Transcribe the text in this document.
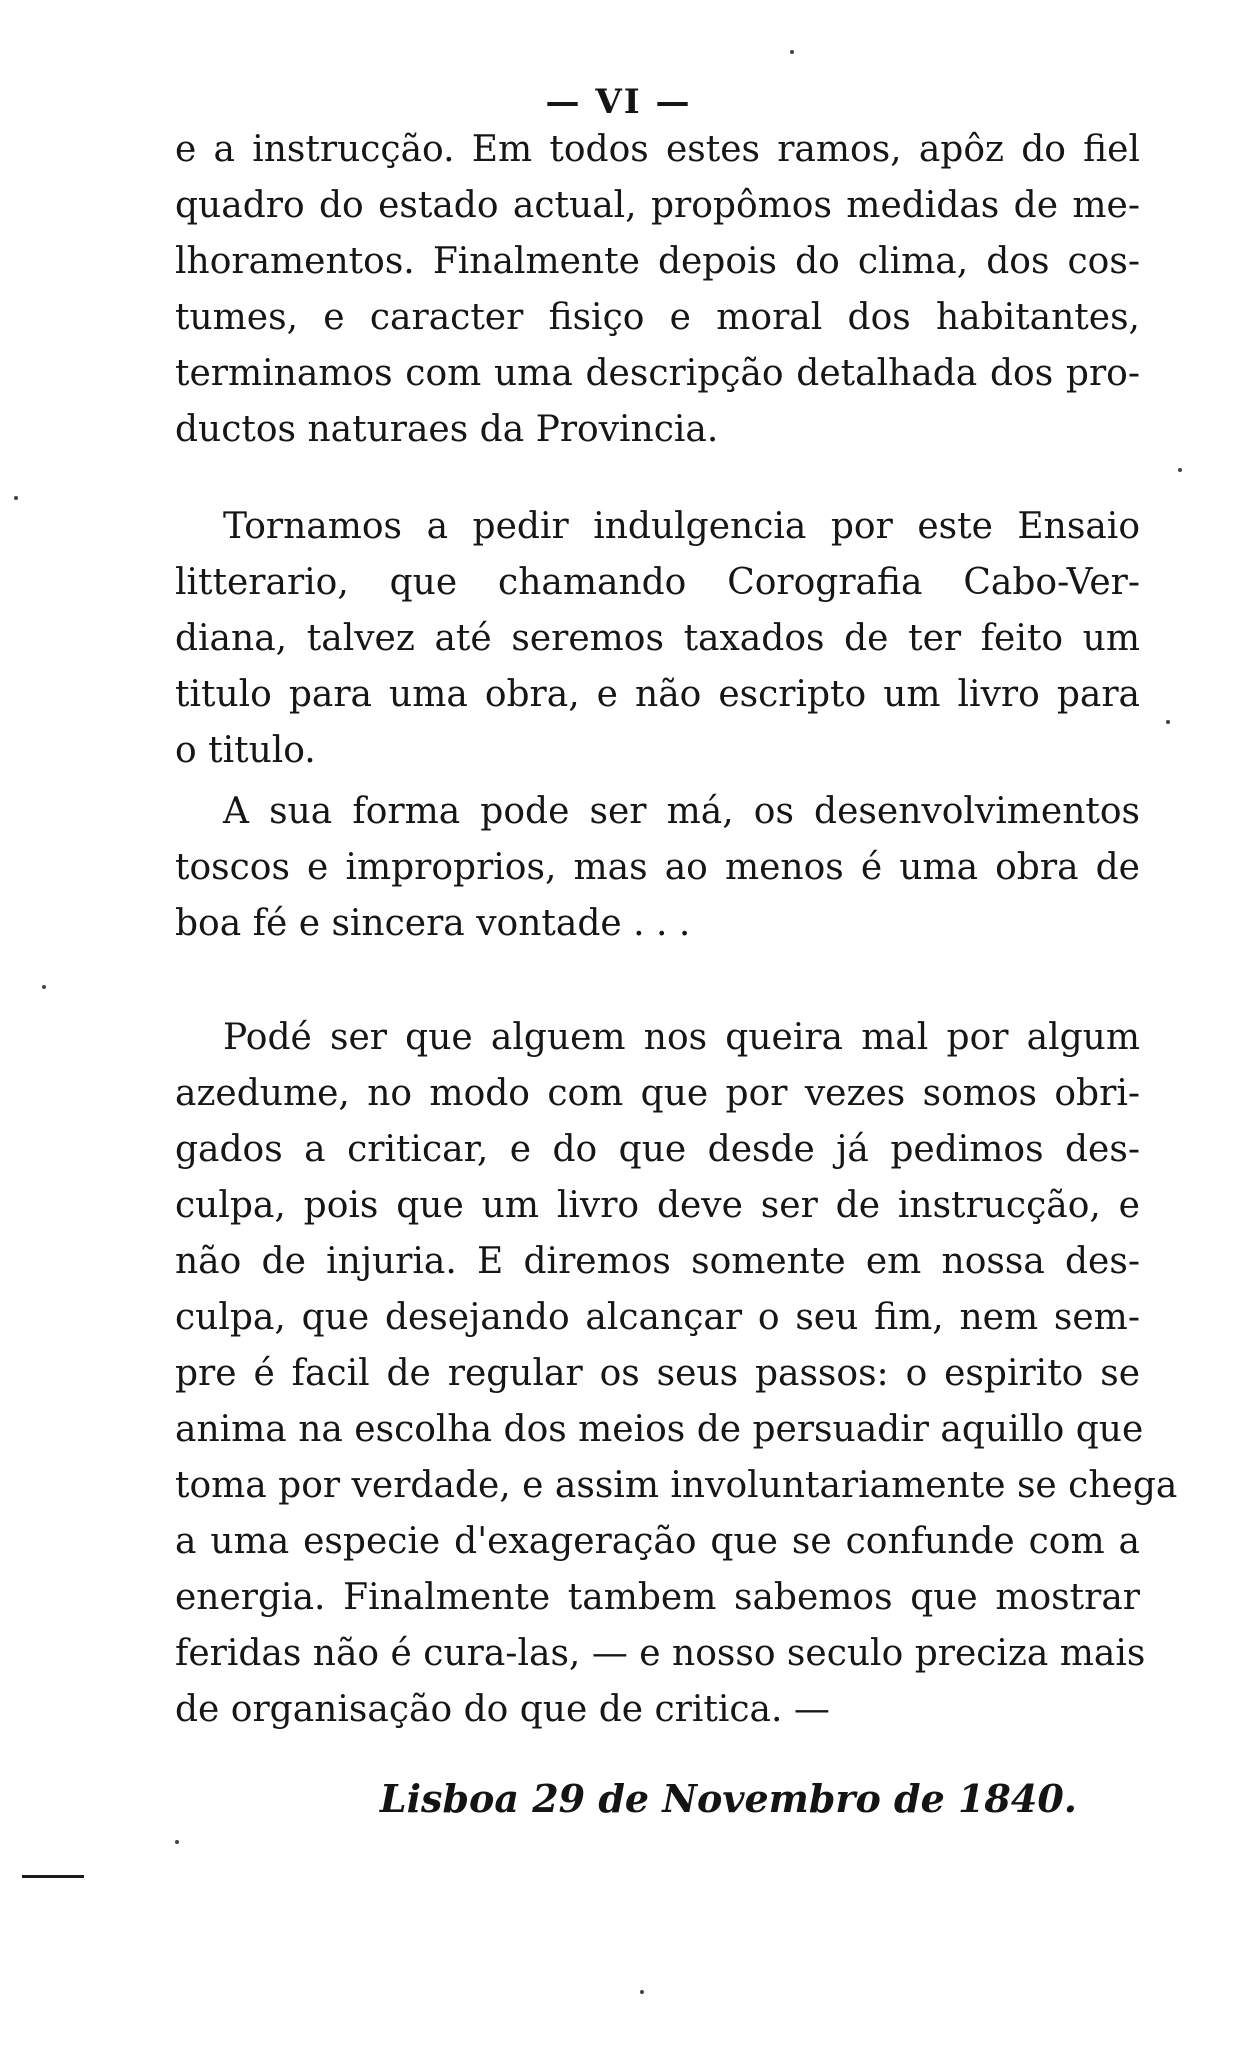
— VI —
e a instrucção. Em todos estes ramos, apôz do fiel
quadro do estado actual, propômos medidas de me-
lhoramentos. Finalmente depois do clima, dos cos-
tumes, e caracter fisiço e moral dos habitantes,
terminamos com uma descripção detalhada dos pro-
ductos naturaes da Provincia.
Tornamos a pedir indulgencia por este Ensaio
litterario, que chamando Corografia Cabo-Ver-
diana, talvez até seremos taxados de ter feito um
titulo para uma obra, e não escripto um livro para
o titulo.
A sua forma pode ser má, os desenvolvimentos
toscos e improprios, mas ao menos é uma obra de
boa fé e sincera vontade . . .
Podé ser que alguem nos queira mal por algum
azedume, no modo com que por vezes somos obri-
gados a criticar, e do que desde já pedimos des-
culpa, pois que um livro deve ser de instrucção, e
não de injuria. E diremos somente em nossa des-
culpa, que desejando alcançar o seu fim, nem sem-
pre é facil de regular os seus passos: o espirito se
anima na escolha dos meios de persuadir aquillo que
toma por verdade, e assim involuntariamente se chega
a uma especie d'exageração que se confunde com a
energia. Finalmente tambem sabemos que mostrar
feridas não é cura-las, — e nosso seculo preciza mais
de organisação do que de critica. —
Lisboa 29 de Novembro de 1840.
